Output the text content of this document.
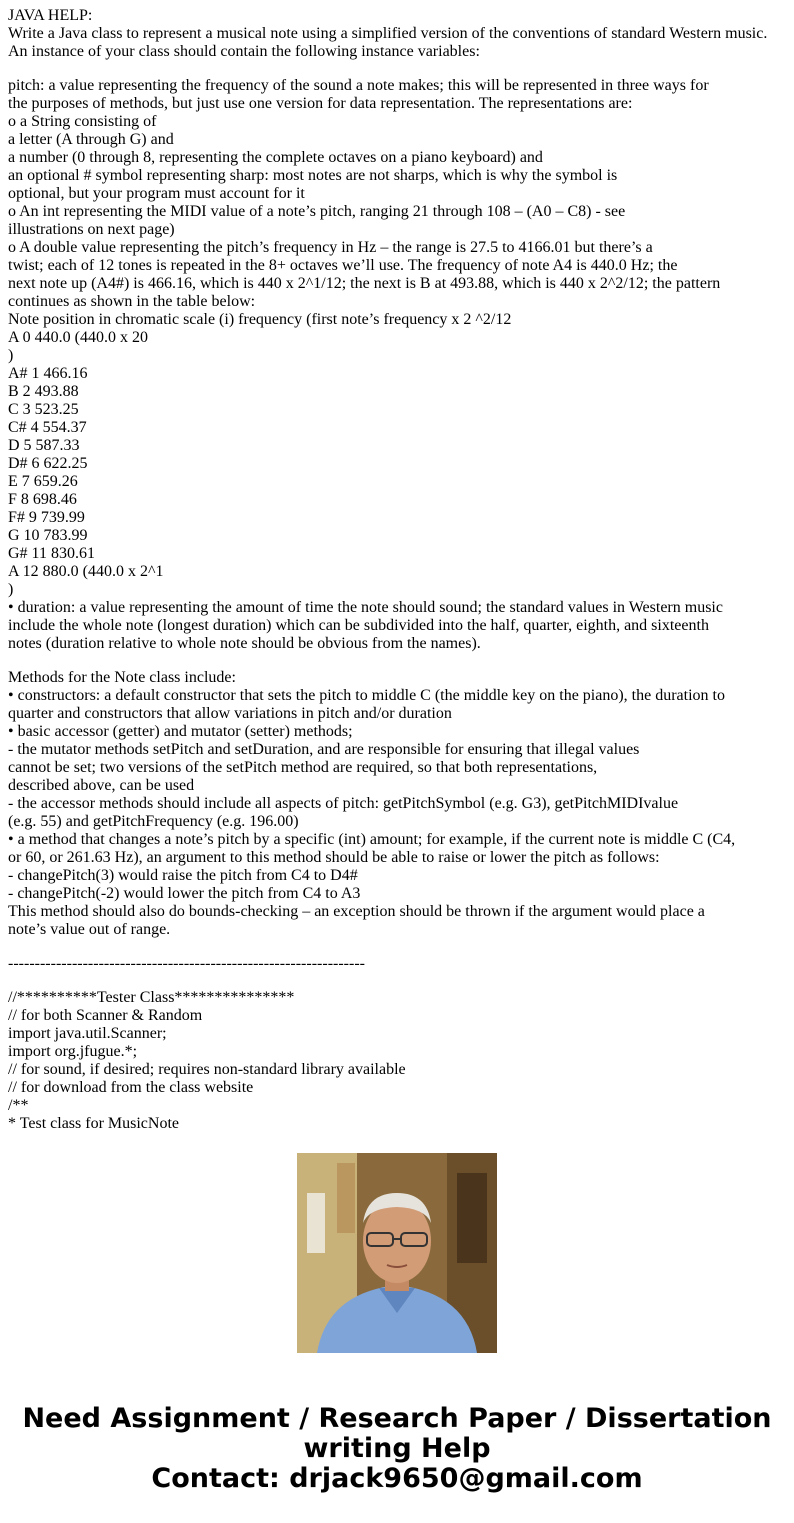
JAVA HELP:
Write a Java class to represent a musical note using a simplified version of the conventions of standard Western music.
An instance of your class should contain the following instance variables:
pitch: a value representing the frequency of the sound a note makes; this will be represented in three ways for
the purposes of methods, but just use one version for data representation. The representations are:
o a String consisting of
a letter (A through G) and
a number (0 through 8, representing the complete octaves on a piano keyboard) and
an optional # symbol representing sharp: most notes are not sharps, which is why the symbol is
optional, but your program must account for it
o An int representing the MIDI value of a note’s pitch, ranging 21 through 108 – (A0 – C8) - see
illustrations on next page)
o A double value representing the pitch’s frequency in Hz – the range is 27.5 to 4166.01 but there’s a
twist; each of 12 tones is repeated in the 8+ octaves we’ll use. The frequency of note A4 is 440.0 Hz; the
next note up (A4#) is 466.16, which is 440 x 2^1/12; the next is B at 493.88, which is 440 x 2^2/12; the pattern
continues as shown in the table below:
Note position in chromatic scale (i) frequency (first note’s frequency x 2 ^2/12
A 0 440.0 (440.0 x 20
)
A# 1 466.16
B 2 493.88
C 3 523.25
C# 4 554.37
D 5 587.33
D# 6 622.25
E 7 659.26
F 8 698.46
F# 9 739.99
G 10 783.99
G# 11 830.61
A 12 880.0 (440.0 x 2^1
)
• duration: a value representing the amount of time the note should sound; the standard values in Western music
include the whole note (longest duration) which can be subdivided into the half, quarter, eighth, and sixteenth
notes (duration relative to whole note should be obvious from the names).
Methods for the Note class include:
• constructors: a default constructor that sets the pitch to middle C (the middle key on the piano), the duration to
quarter and constructors that allow variations in pitch and/or duration
• basic accessor (getter) and mutator (setter) methods;
- the mutator methods setPitch and setDuration, and are responsible for ensuring that illegal values
cannot be set; two versions of the setPitch method are required, so that both representations,
described above, can be used
- the accessor methods should include all aspects of pitch: getPitchSymbol (e.g. G3), getPitchMIDIvalue
(e.g. 55) and getPitchFrequency (e.g. 196.00)
• a method that changes a note’s pitch by a specific (int) amount; for example, if the current note is middle C (C4,
or 60, or 261.63 Hz), an argument to this method should be able to raise or lower the pitch as follows:
- changePitch(3) would raise the pitch from C4 to D4#
- changePitch(-2) would lower the pitch from C4 to A3
This method should also do bounds-checking – an exception should be thrown if the argument would place a
note’s value out of range.
-------------------------------------------------------------------
//**********Tester Class***************
// for both Scanner & Random
import java.util.Scanner;
import org.jfugue.*;
// for sound, if desired; requires non-standard library available
// for download from the class website
/**
* Test class for MusicNote
Need Assignment / Research Paper / Dissertation
writing Help
Contact: drjack9650@gmail.com
